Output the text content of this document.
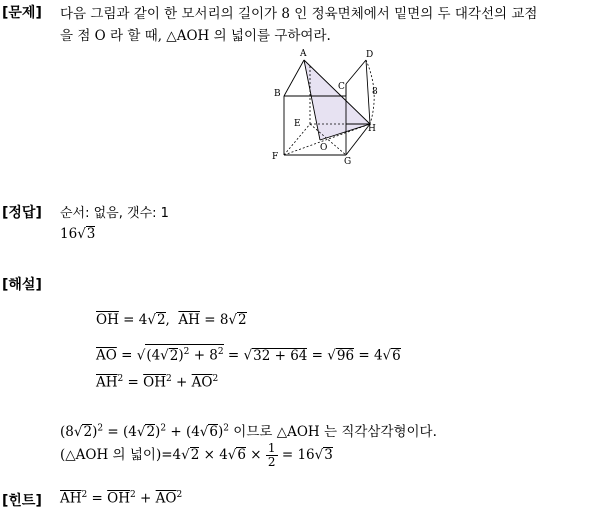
[문제] 다음 그림과 같이 한 모서리의 길이가 8 인 정육면체에서 밑면의 두 대각선의 교점
을 점 O 라 할 때, △AOH 의 넓이를 구하여라.
A
B
C
D
E
F	G
H
O
8
[정답] 순서: 없음, 갯수: 1
16√3
[해설]
$\overline{OH} = 4√2$,  $\overline{AH} = 8√2$
$\overline{AO} = √(4√2)^2 + 8^2 = √32 + 64 = √96 = 4√6$
$\overline{AH}^2 = \overline{OH}^2 + \overline{AO}^2$
$(8√2)^2 = (4√2)^2 + (4√6)^2$ 이므로 △AOH 는 직각삼각형이다.
(△AOH 의 넓이)$=4√2 \times 4√6 \times \frac{1}{2} = 16√3$
[힌트] $\overline{AH}^2 = \overline{OH}^2 + \overline{AO}^2$
